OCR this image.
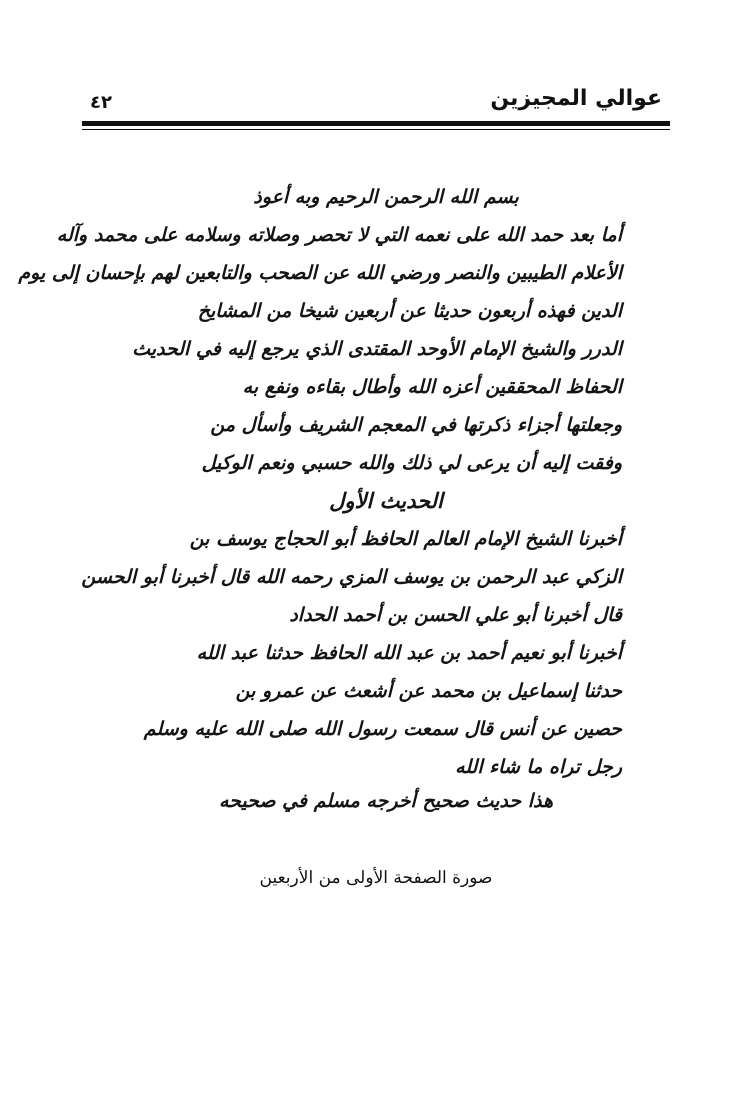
٤٢	عوالي المجيزين
بسم الله الرحمن الرحيم وبه أعوذ
أما بعد حمد الله على نعمه التي لا تحصر وصلاته وسلامه على محمد وآله
الأعلام الطيبين والنصر ورضي الله عن الصحب والتابعين لهم بإحسان إلى يوم
الدين فهذه أربعون حديثا عن أربعين شيخا من المشايخ
الدرر والشيخ الإمام الأوحد المقتدى الذي يرجع إليه في الحديث
الحفاظ المحققين أعزه الله وأطال بقاءه ونفع به
وجعلتها أجزاء ذكرتها في المعجم الشريف وأسأل من
وفقت إليه أن يرعى لي ذلك والله حسبي ونعم الوكيل
الحديث الأول
أخبرنا الشيخ الإمام العالم الحافظ أبو الحجاج يوسف بن
الزكي عبد الرحمن بن يوسف المزي رحمه الله قال أخبرنا أبو الحسن
قال أخبرنا أبو علي الحسن بن أحمد الحداد
أخبرنا أبو نعيم أحمد بن عبد الله الحافظ حدثنا عبد الله
حدثنا إسماعيل بن محمد عن أشعث عن عمرو بن
حصين عن أنس قال سمعت رسول الله صلى الله عليه وسلم
رجل تراه ما شاء الله
هذا حديث صحيح أخرجه مسلم في صحيحه
صورة الصفحة الأولى من الأربعين
